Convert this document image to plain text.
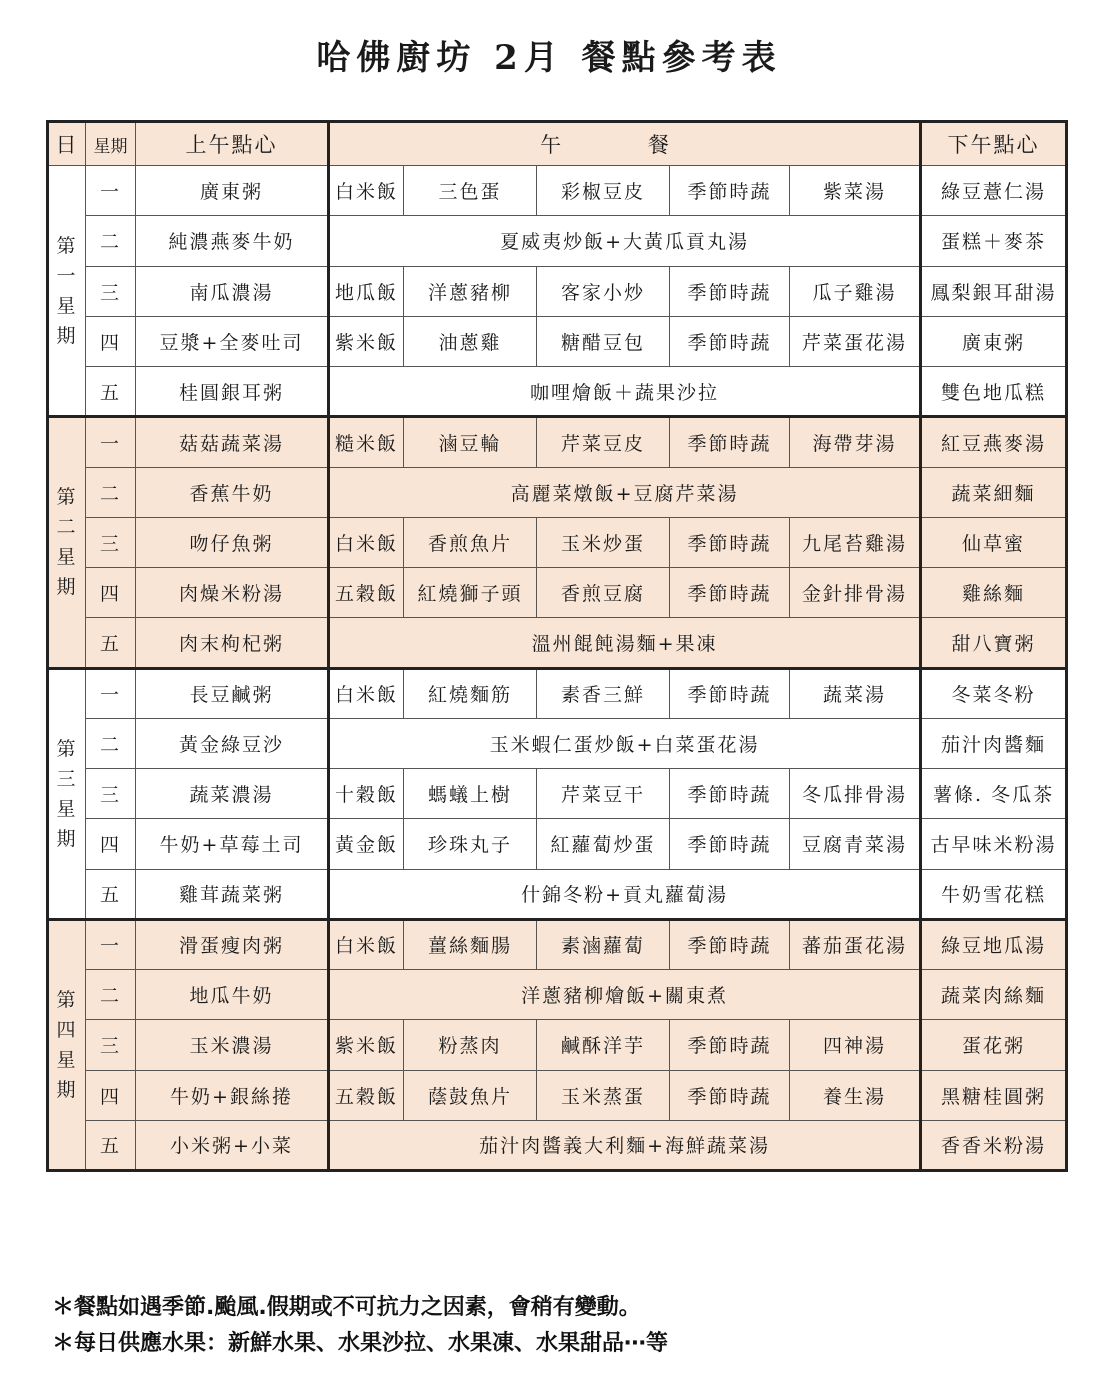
哈佛廚坊 2月 餐點參考表
日	星期	上午點心	午 餐					下午點心

第
一
星
期	一	廣東粥	白米飯	三色蛋	彩椒豆皮	季節時蔬	紫菜湯	綠豆薏仁湯
	二	純濃燕麥牛奶	夏威夷炒飯+大黃瓜貢丸湯					蛋糕＋麥茶
	三	南瓜濃湯	地瓜飯	洋蔥豬柳	客家小炒	季節時蔬	瓜子雞湯	鳳梨銀耳甜湯
	四	豆漿+全麥吐司	紫米飯	油蔥雞	糖醋豆包	季節時蔬	芹菜蛋花湯	廣東粥
	五	桂圓銀耳粥	咖哩燴飯＋蔬果沙拉					雙色地瓜糕

第
二
星
期	一	菇菇蔬菜湯	糙米飯	滷豆輪	芹菜豆皮	季節時蔬	海帶芽湯	紅豆燕麥湯
	二	香蕉牛奶	高麗菜燉飯+豆腐芹菜湯					蔬菜細麵
	三	吻仔魚粥	白米飯	香煎魚片	玉米炒蛋	季節時蔬	九尾苔雞湯	仙草蜜
	四	肉燥米粉湯	五穀飯	紅燒獅子頭	香煎豆腐	季節時蔬	金針排骨湯	雞絲麵
	五	肉末枸杞粥	溫州餛飩湯麵+果凍					甜八寶粥

第
三
星
期	一	長豆鹹粥	白米飯	紅燒麵筋	素香三鮮	季節時蔬	蔬菜湯	冬菜冬粉
	二	黃金綠豆沙	玉米蝦仁蛋炒飯+白菜蛋花湯					茄汁肉醬麵
	三	蔬菜濃湯	十穀飯	螞蟻上樹	芹菜豆干	季節時蔬	冬瓜排骨湯	薯條. 冬瓜茶
	四	牛奶+草莓土司	黃金飯	珍珠丸子	紅蘿蔔炒蛋	季節時蔬	豆腐青菜湯	古早味米粉湯
	五	雞茸蔬菜粥	什錦冬粉+貢丸蘿蔔湯					牛奶雪花糕

第
四
星
期	一	滑蛋瘦肉粥	白米飯	薑絲麵腸	素滷蘿蔔	季節時蔬	蕃茄蛋花湯	綠豆地瓜湯
	二	地瓜牛奶	洋蔥豬柳燴飯+關東煮					蔬菜肉絲麵
	三	玉米濃湯	紫米飯	粉蒸肉	鹹酥洋芋	季節時蔬	四神湯	蛋花粥
	四	牛奶+銀絲捲	五穀飯	蔭鼓魚片	玉米蒸蛋	季節時蔬	養生湯	黑糖桂圓粥
	五	小米粥+小菜	茄汁肉醬義大利麵+海鮮蔬菜湯					香香米粉湯
＊餐點如遇季節.颱風.假期或不可抗力之因素，會稍有變動。
＊每日供應水果：新鮮水果、水果沙拉、水果凍、水果甜品⋯等
